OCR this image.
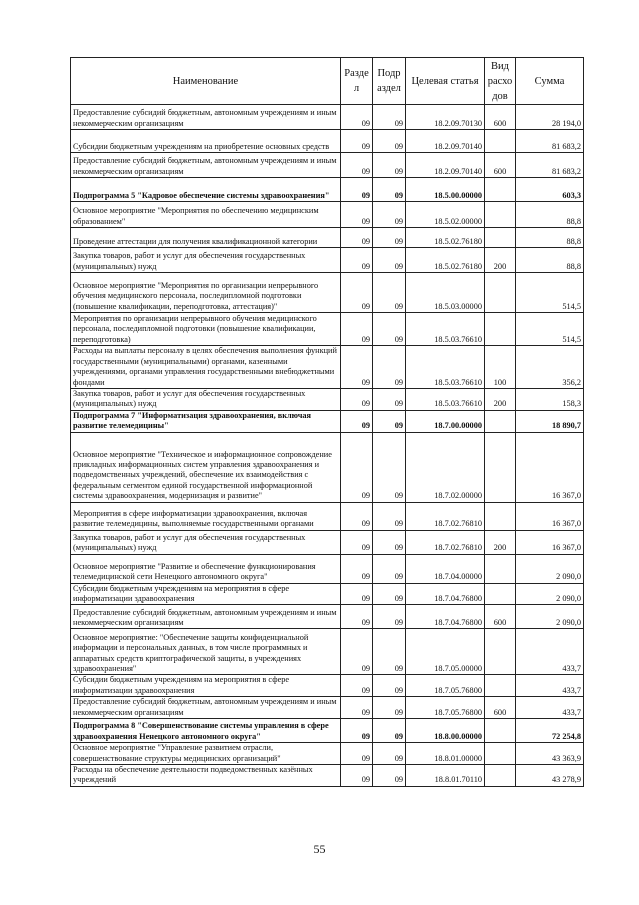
Наименование	Разде л	Подр аздел	Целевая статья	Вид расхо дов	Сумма
Предоставление субсидий бюджетным, автономным учреждениям и иным некоммерческим организациям	09	09	18.2.09.70130	600	28 194,0
Субсидии бюджетным учреждениям на приобретение основных средств	09	09	18.2.09.70140		81 683,2
Предоставление субсидий бюджетным, автономным учреждениям и иным некоммерческим организациям	09	09	18.2.09.70140	600	81 683,2
Подпрограмма 5 "Кадровое обеспечение системы здравоохранения"	09	09	18.5.00.00000		603,3
Основное мероприятие "Мероприятия по обеспечению медицинским образованием"	09	09	18.5.02.00000		88,8
Проведение аттестации для получения квалификационной категории	09	09	18.5.02.76180		88,8
Закупка товаров, работ и услуг для обеспечения государственных (муниципальных) нужд	09	09	18.5.02.76180	200	88,8
Основное мероприятие "Мероприятия по организации непрерывного обучения медицинского персонала, последипломной подготовки (повышение квалификации, переподготовка, аттестация)"	09	09	18.5.03.00000		514,5
Мероприятия по организации непрерывного обучения медицинского персонала, последипломной подготовки (повышение квалификации, переподготовка)	09	09	18.5.03.76610		514,5
Расходы на выплаты персоналу в целях обеспечения выполнения функций государственными (муниципальными) органами, казенными учреждениями, органами управления государственными внебюджетными фондами	09	09	18.5.03.76610	100	356,2
Закупка товаров, работ и услуг для обеспечения государственных (муниципальных) нужд	09	09	18.5.03.76610	200	158,3
Подпрограмма 7 "Информатизация здравоохранения, включая развитие телемедицины"	09	09	18.7.00.00000		18 890,7
Основное мероприятие "Техническое и информационное сопровождение прикладных информационных систем управления здравоохранения и подведомственных учреждений, обеспечение их взаимодействия с федеральным сегментом единой государственной информационной системы здравоохранения, модернизация и развитие"	09	09	18.7.02.00000		16 367,0
Мероприятия в сфере информатизации здравоохранения, включая развитие телемедицины, выполняемые государственными органами	09	09	18.7.02.76810		16 367,0
Закупка товаров, работ и услуг для обеспечения государственных (муниципальных) нужд	09	09	18.7.02.76810	200	16 367,0
Основное мероприятие "Развитие и обеспечение функционирования телемедицинской сети Ненецкого автономного округа"	09	09	18.7.04.00000		2 090,0
Субсидии бюджетным учреждениям на мероприятия в сфере информатизации здравоохранения	09	09	18.7.04.76800		2 090,0
Предоставление субсидий бюджетным, автономным учреждениям и иным некоммерческим организациям	09	09	18.7.04.76800	600	2 090,0
Основное мероприятие: "Обеспечение защиты конфиденциальной информации и персональных данных, в том числе программных и аппаратных средств криптографической защиты, в учреждениях здравоохранения"	09	09	18.7.05.00000		433,7
Субсидии бюджетным учреждениям на мероприятия в сфере информатизации здравоохранения	09	09	18.7.05.76800		433,7
Предоставление субсидий бюджетным, автономным учреждениям и иным некоммерческим организациям	09	09	18.7.05.76800	600	433,7
Подпрограмма 8 "Совершенствование системы управления в сфере здравоохранения Ненецкого автономного округа"	09	09	18.8.00.00000		72 254,8
Основное мероприятие "Управление развитием отрасли, совершенствование структуры медицинских организаций"	09	09	18.8.01.00000		43 363,9
Расходы на обеспечение деятельности подведомственных казённых учреждений	09	09	18.8.01.70110		43 278,9
55
